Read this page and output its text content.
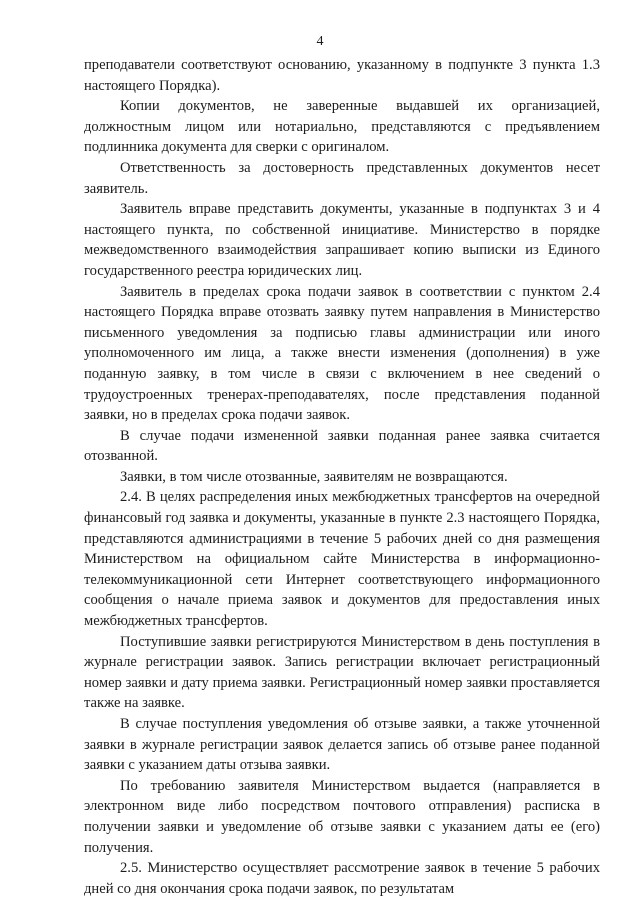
4

преподаватели соответствуют основанию, указанному в подпункте 3 пункта 1.3 настоящего Порядка).

Копии документов, не заверенные выдавшей их организацией, должностным лицом или нотариально, представляются с предъявлением подлинника документа для сверки с оригиналом.

Ответственность за достоверность представленных документов несет заявитель.

Заявитель вправе представить документы, указанные в подпунктах 3 и 4 настоящего пункта, по собственной инициативе. Министерство в порядке межведомственного взаимодействия запрашивает копию выписки из Единого государственного реестра юридических лиц.

Заявитель в пределах срока подачи заявок в соответствии с пунктом 2.4 настоящего Порядка вправе отозвать заявку путем направления в Министерство письменного уведомления за подписью главы администрации или иного уполномоченного им лица, а также внести изменения (дополнения) в уже поданную заявку, в том числе в связи с включением в нее сведений о трудоустроенных тренерах-преподавателях, после представления поданной заявки, но в пределах срока подачи заявок.

В случае подачи измененной заявки поданная ранее заявка считается отозванной.

Заявки, в том числе отозванные, заявителям не возвращаются.

2.4. В целях распределения иных межбюджетных трансфертов на очередной финансовый год заявка и документы, указанные в пункте 2.3 настоящего Порядка, представляются администрациями в течение 5 рабочих дней со дня размещения Министерством на официальном сайте Министерства в информационно-телекоммуникационной сети Интернет соответствующего информационного сообщения о начале приема заявок и документов для предоставления иных межбюджетных трансфертов.

Поступившие заявки регистрируются Министерством в день поступления в журнале регистрации заявок. Запись регистрации включает регистрационный номер заявки и дату приема заявки. Регистрационный номер заявки проставляется также на заявке.

В случае поступления уведомления об отзыве заявки, а также уточненной заявки в журнале регистрации заявок делается запись об отзыве ранее поданной заявки с указанием даты отзыва заявки.

По требованию заявителя Министерством выдается (направляется в электронном виде либо посредством почтового отправления) расписка в получении заявки и уведомление об отзыве заявки с указанием даты ее (его) получения.

2.5. Министерство осуществляет рассмотрение заявок в течение 5 рабочих дней со дня окончания срока подачи заявок, по результатам
